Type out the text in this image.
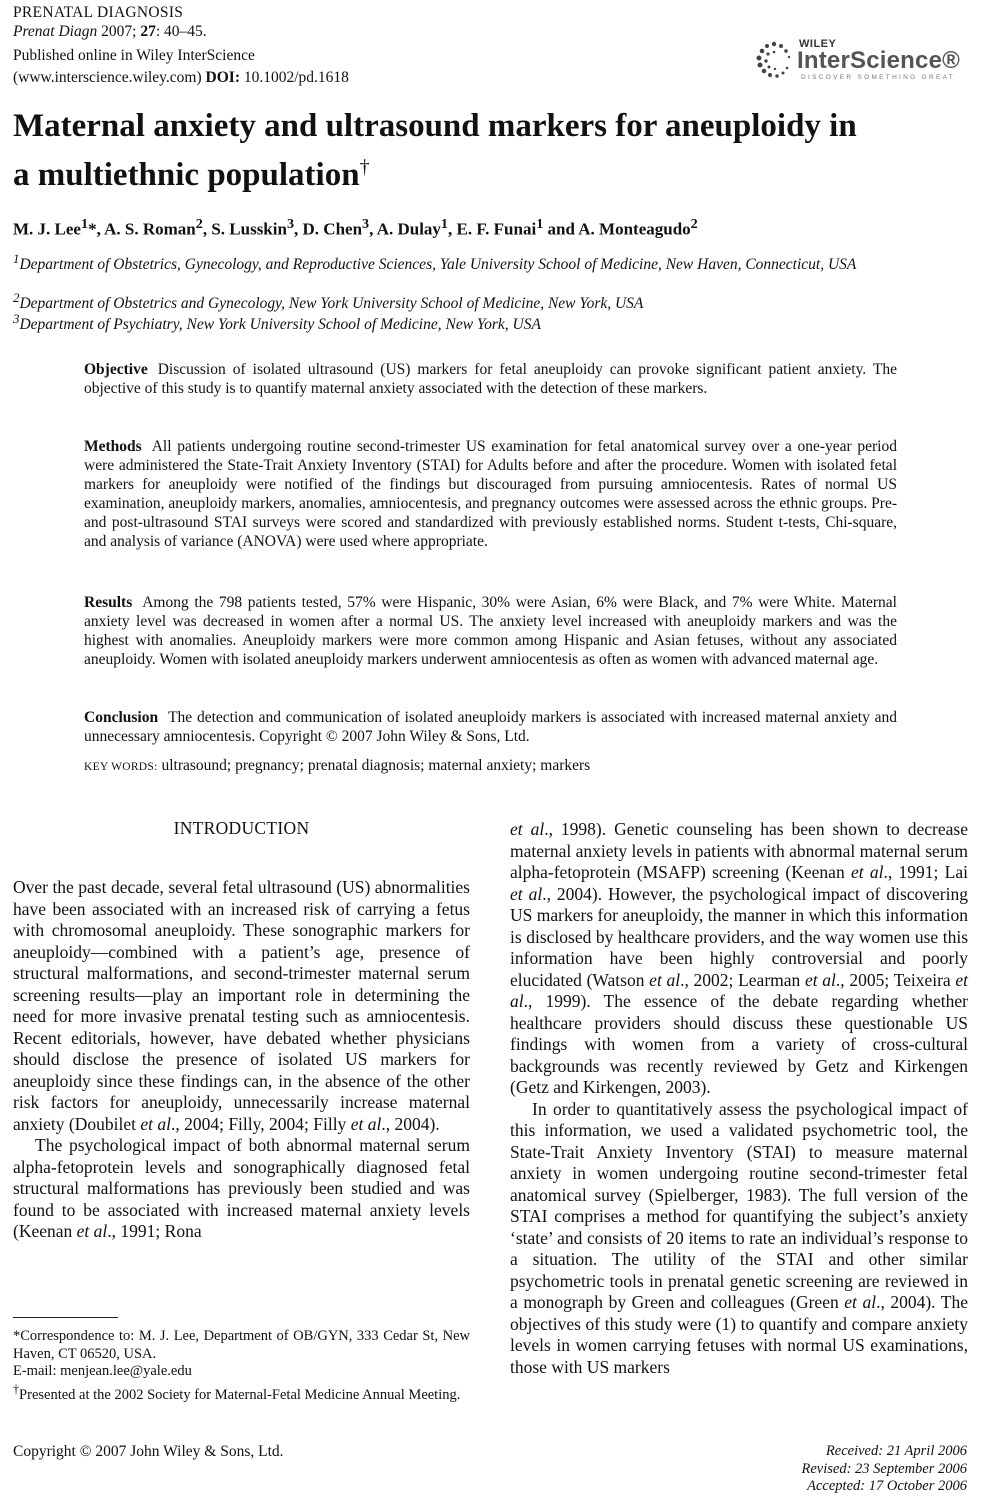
PRENATAL DIAGNOSIS
Prenat Diagn 2007; 27: 40–45.
Published online in Wiley InterScience
(www.interscience.wiley.com) DOI: 10.1002/pd.1618
WILEY
InterScience®
DISCOVER SOMETHING GREAT
Maternal anxiety and ultrasound markers for aneuploidy in
a multiethnic population†
M. J. Lee$^1$*, A. S. Roman$^2$, S. Lusskin$^3$, D. Chen$^3$, A. Dulay$^1$, E. F. Funai$^1$ and A. Monteagudo$^2$
$^1$Department of Obstetrics, Gynecology, and Reproductive Sciences, Yale University School of Medicine, New Haven, Connecticut, USA
$^2$Department of Obstetrics and Gynecology, New York University School of Medicine, New York, USA
$^3$Department of Psychiatry, New York University School of Medicine, New York, USA
Objective Discussion of isolated ultrasound (US) markers for fetal aneuploidy can provoke significant patient anxiety. The objective of this study is to quantify maternal anxiety associated with the detection of these markers.
Methods All patients undergoing routine second-trimester US examination for fetal anatomical survey over a one-year period were administered the State-Trait Anxiety Inventory (STAI) for Adults before and after the procedure. Women with isolated fetal markers for aneuploidy were notified of the findings but discouraged from pursuing amniocentesis. Rates of normal US examination, aneuploidy markers, anomalies, amniocentesis, and pregnancy outcomes were assessed across the ethnic groups. Pre- and post-ultrasound STAI surveys were scored and standardized with previously established norms. Student t-tests, Chi-square, and analysis of variance (ANOVA) were used where appropriate.
Results Among the 798 patients tested, 57% were Hispanic, 30% were Asian, 6% were Black, and 7% were White. Maternal anxiety level was decreased in women after a normal US. The anxiety level increased with aneuploidy markers and was the highest with anomalies. Aneuploidy markers were more common among Hispanic and Asian fetuses, without any associated aneuploidy. Women with isolated aneuploidy markers underwent amniocentesis as often as women with advanced maternal age.
Conclusion The detection and communication of isolated aneuploidy markers is associated with increased maternal anxiety and unnecessary amniocentesis. Copyright © 2007 John Wiley & Sons, Ltd.
KEY WORDS: ultrasound; pregnancy; prenatal diagnosis; maternal anxiety; markers
INTRODUCTION

Over the past decade, several fetal ultrasound (US) abnormalities have been associated with an increased risk of carrying a fetus with chromosomal aneuploidy. These sonographic markers for aneuploidy—combined with a patient’s age, presence of structural malformations, and second-trimester maternal serum screening results—play an important role in determining the need for more invasive prenatal testing such as amniocentesis. Recent editorials, however, have debated whether physicians should disclose the presence of isolated US markers for aneuploidy since these findings can, in the absence of the other risk factors for aneuploidy, unnecessarily increase maternal anxiety (Doubilet et al., 2004; Filly, 2004; Filly et al., 2004).

The psychological impact of both abnormal maternal serum alpha-fetoprotein levels and sonographically diagnosed fetal structural malformations has previously been studied and was found to be associated with increased maternal anxiety levels (Keenan et al., 1991; Rona

et al., 1998). Genetic counseling has been shown to decrease maternal anxiety levels in patients with abnormal maternal serum alpha-fetoprotein (MSAFP) screening (Keenan et al., 1991; Lai et al., 2004). However, the psychological impact of discovering US markers for aneuploidy, the manner in which this information is disclosed by healthcare providers, and the way women use this information have been highly controversial and poorly elucidated (Watson et al., 2002; Learman et al., 2005; Teixeira et al., 1999). The essence of the debate regarding whether healthcare providers should discuss these questionable US findings with women from a variety of cross-cultural backgrounds was recently reviewed by Getz and Kirkengen (Getz and Kirkengen, 2003).

In order to quantitatively assess the psychological impact of this information, we used a validated psychometric tool, the State-Trait Anxiety Inventory (STAI) to measure maternal anxiety in women undergoing routine second-trimester fetal anatomical survey (Spielberger, 1983). The full version of the STAI comprises a method for quantifying the subject’s anxiety ‘state’ and consists of 20 items to rate an individual’s response to a situation. The utility of the STAI and other similar psychometric tools in prenatal genetic screening are reviewed in a monograph by Green and colleagues (Green et al., 2004). The objectives of this study were (1) to quantify and compare anxiety levels in women carrying fetuses with normal US examinations, those with US markers

*Correspondence to: M. J. Lee, Department of OB/GYN, 333 Cedar St, New Haven, CT 06520, USA.
E-mail: menjean.lee@yale.edu
†Presented at the 2002 Society for Maternal-Fetal Medicine Annual Meeting.
Copyright © 2007 John Wiley & Sons, Ltd.	Received: 21 April 2006
Revised: 23 September 2006
Accepted: 17 October 2006
